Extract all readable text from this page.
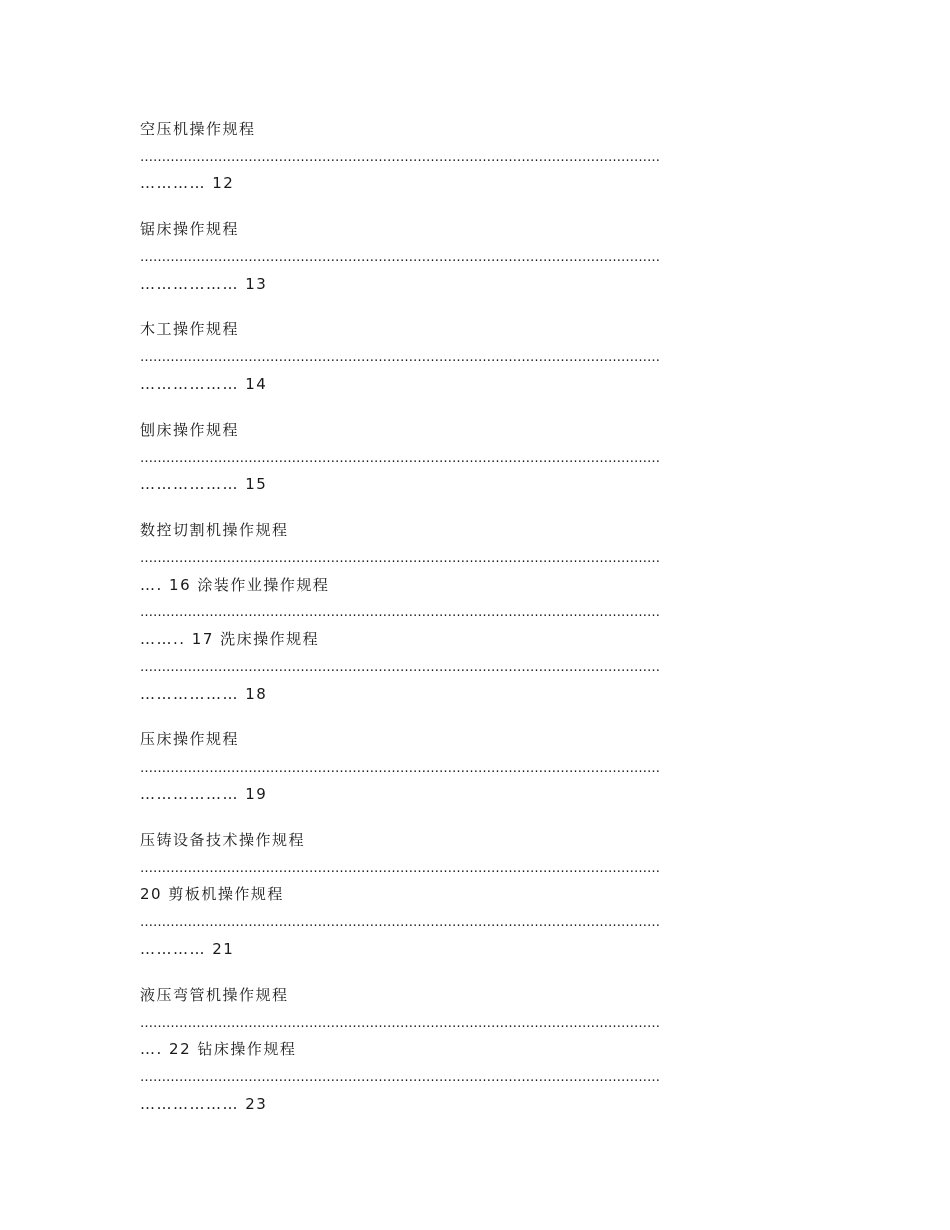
空压机操作规程
…………………………………………………………………………………………………………
………… 12
锯床操作规程
…………………………………………………………………………………………………………
……………… 13
木工操作规程
…………………………………………………………………………………………………………
……………… 14
刨床操作规程
…………………………………………………………………………………………………………
……………… 15
数控切割机操作规程
…………………………………………………………………………………………………………
…. 16 涂装作业操作规程
…………………………………………………………………………………………………………
…….. 17 洗床操作规程
…………………………………………………………………………………………………………
……………… 18
压床操作规程
…………………………………………………………………………………………………………
……………… 19
压铸设备技术操作规程
…………………………………………………………………………………………………………
20 剪板机操作规程
…………………………………………………………………………………………………………
………… 21
液压弯管机操作规程
…………………………………………………………………………………………………………
…. 22 钻床操作规程
…………………………………………………………………………………………………………
……………… 23
